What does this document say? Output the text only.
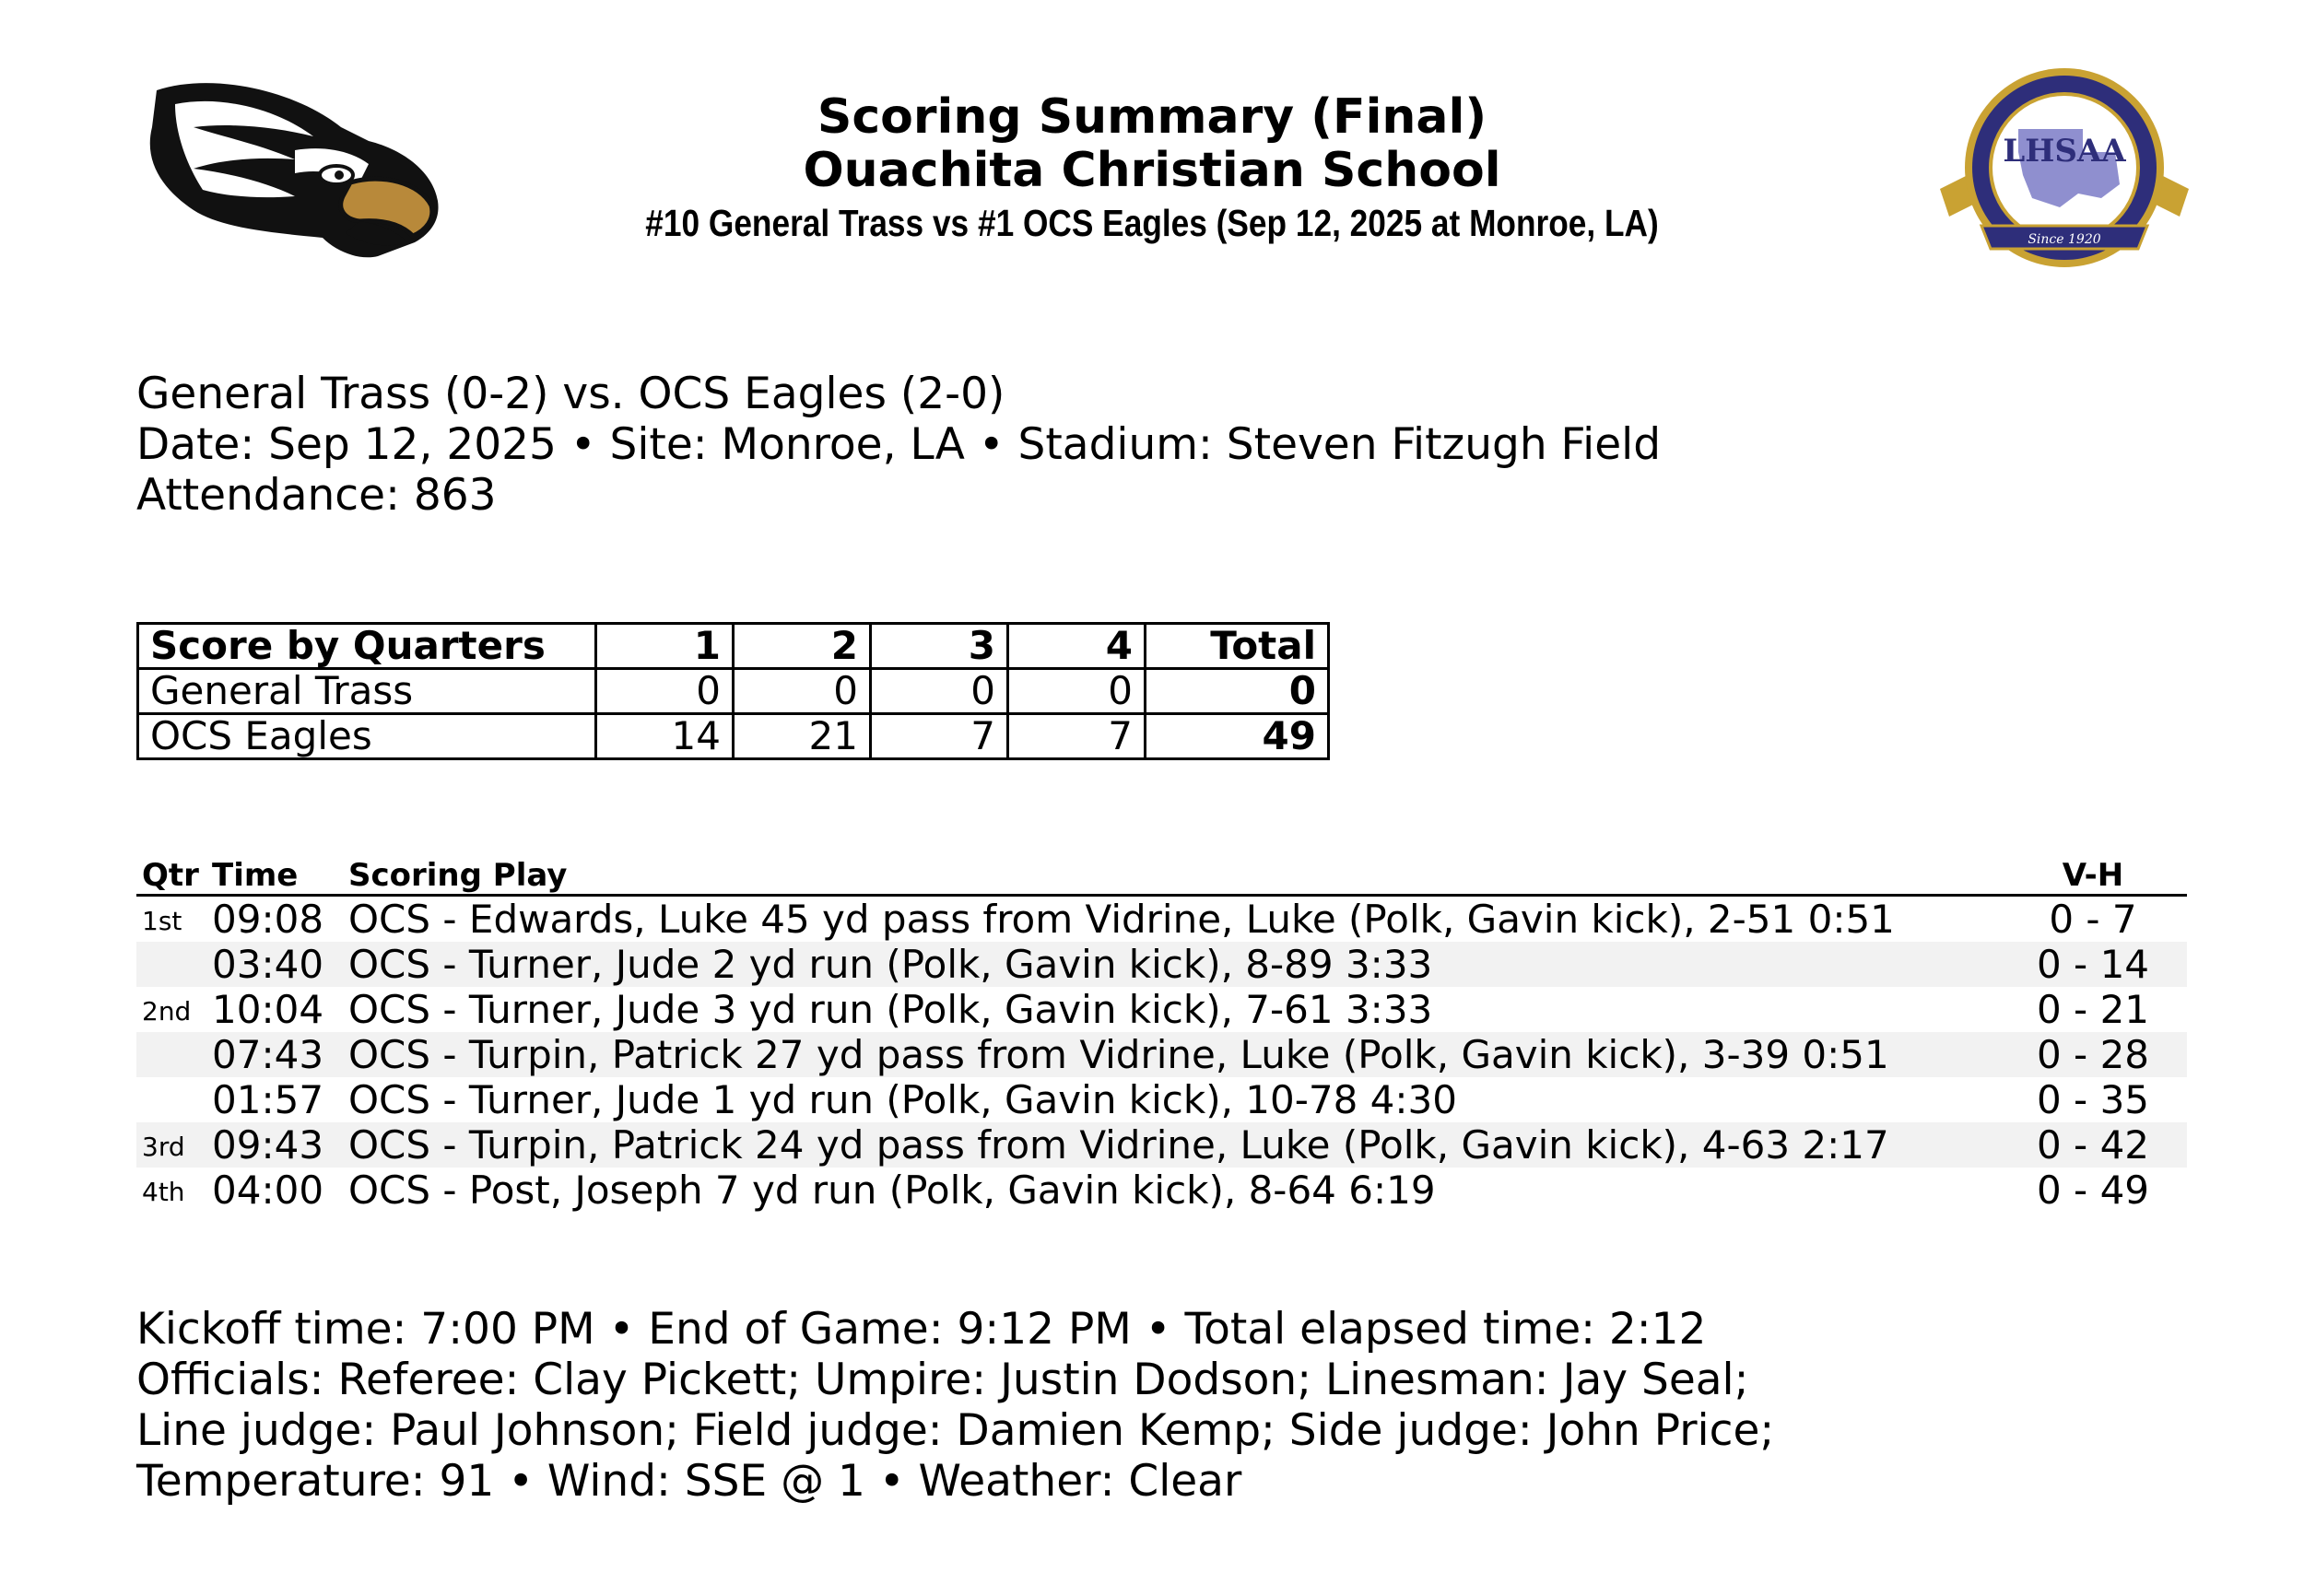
LHSAA
Since 1920
Scoring Summary (Final)
Ouachita Christian School
#10 General Trass vs #1 OCS Eagles (Sep 12, 2025 at Monroe, LA)
General Trass (0-2) vs. OCS Eagles (2-0)
Date: Sep 12, 2025 • Site: Monroe, LA • Stadium: Steven Fitzugh Field
Attendance: 863
Score by Quarters	1	2	3	4	Total
General Trass	0	0	0	0	0
OCS Eagles	14	21	7	7	49
Qtr Time Scoring Play	V-H
1st 09:08 OCS - Edwards, Luke 45 yd pass from Vidrine, Luke (Polk, Gavin kick), 2-51 0:51	0 - 7
03:40 OCS - Turner, Jude 2 yd run (Polk, Gavin kick), 8-89 3:33	0 - 14
2nd 10:04 OCS - Turner, Jude 3 yd run (Polk, Gavin kick), 7-61 3:33	0 - 21
07:43 OCS - Turpin, Patrick 27 yd pass from Vidrine, Luke (Polk, Gavin kick), 3-39 0:51	0 - 28
01:57 OCS - Turner, Jude 1 yd run (Polk, Gavin kick), 10-78 4:30	0 - 35
3rd 09:43 OCS - Turpin, Patrick 24 yd pass from Vidrine, Luke (Polk, Gavin kick), 4-63 2:17	0 - 42
4th 04:00 OCS - Post, Joseph 7 yd run (Polk, Gavin kick), 8-64 6:19	0 - 49
Kickoff time: 7:00 PM • End of Game: 9:12 PM • Total elapsed time: 2:12
Officials: Referee: Clay Pickett; Umpire: Justin Dodson; Linesman: Jay Seal;
Line judge: Paul Johnson; Field judge: Damien Kemp; Side judge: John Price;
Temperature: 91 • Wind: SSE @ 1 • Weather: Clear
